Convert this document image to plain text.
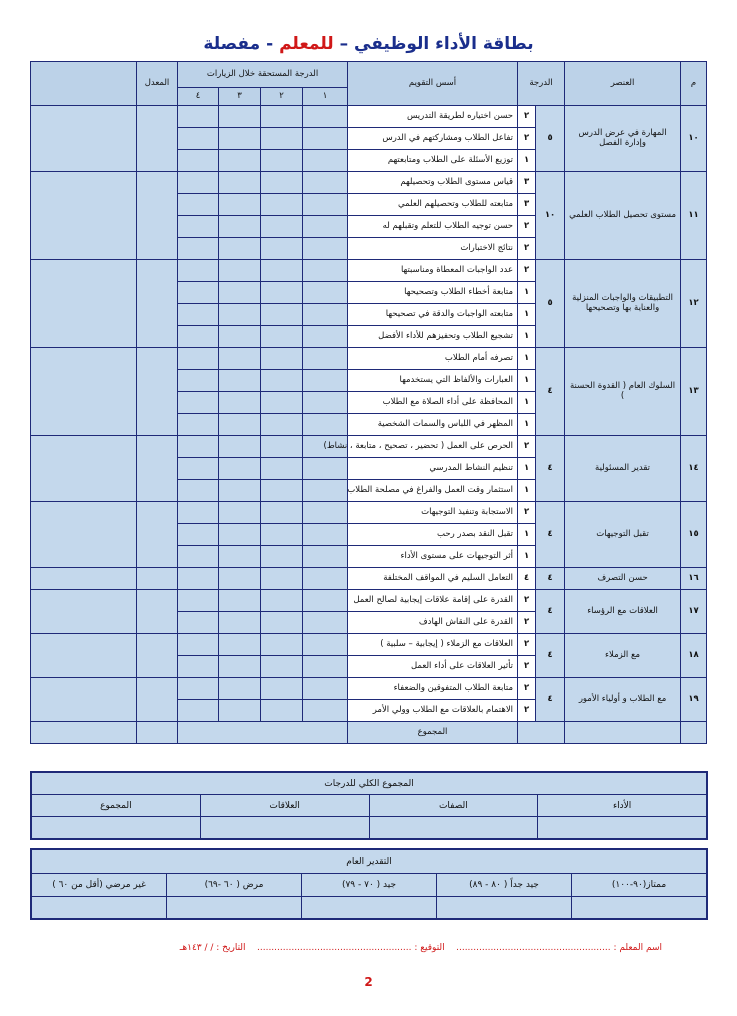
بطاقة الأداء الوظيفي – للمعلم - مفصلة
م	العنصر	الدرجة		أسس التقويم	الدرجة المستحقة خلال الزيارات				المعدل	
					١	٢	٣	٤		
١٠	المهارة في عرض الدرس وإدارة الفصل	٥	٢	حسن اختياره لطريقة التدريس						
			٢	تفاعل الطلاب ومشاركتهم في الدرس						
			١	توزيع الأسئلة على الطلاب ومتابعتهم						
١١	مستوى تحصيل الطلاب العلمي	١٠	٣	قياس مستوى الطلاب وتحصيلهم						
			٣	متابعته للطلاب وتحصيلهم العلمي						
			٢	حسن توجيه الطلاب للتعلم وتقبلهم له						
			٢	نتائج الاختبارات						
١٢	التطبيقات والواجبات المنزلية والعناية بها وتصحيحها	٥	٢	عدد الواجبات المعطاة ومناسبتها						
			١	متابعة أخطاء الطلاب وتصحيحها						
			١	متابعته الواجبات والدقة في تصحيحها						
			١	تشجيع الطلاب وتحفيزهم للأداء الأفضل						
١٣	السلوك العام ( القدوة الحسنة )	٤	١	تصرفه أمام الطلاب						
			١	العبارات والألفاظ التي يستخدمها						
			١	المحافظة على أداء الصلاة مع الطلاب						
			١	المظهر في اللباس والسمات الشخصية						
١٤	تقدير المسئولية	٤	٢	الحرص على العمل ( تحضير ، تصحيح ، متابعة ، نشاط)						
			١	تنظيم النشاط المدرسي						
			١	استثمار وقت العمل والفراغ في مصلحة الطلاب						
١٥	تقبل التوجيهات	٤	٢	الاستجابة وتنفيذ التوجيهات						
			١	تقبل النقد بصدر رحب						
			١	أثر التوجيهات على مستوى الأداء						
١٦	حسن التصرف	٤	٤	التعامل السليم في المواقف المختلفة						
١٧	العلاقات مع الرؤساء	٤	٢	القدرة على إقامة علاقات إيجابية لصالح العمل						
			٢	القدرة على النقاش الهادف						
١٨	مع الزملاء	٤	٢	العلاقات مع الزملاء ( إيجابية – سلبية )						
			٢	تأثير العلاقات على أداء العمل						
١٩	مع الطلاب و أولياء الأمور	٤	٢	متابعة الطلاب المتفوقين والضعفاء						
			٢	الاهتمام بالعلاقات مع الطلاب وولي الأمر						
				المجموع						
المجموع الكلي للدرجات			
الأداء	الصفات	العلاقات	المجموع

التقدير العام				
ممتاز(٩٠-١٠٠)	جيد جداً ( ٨٠ - ٨٩)	جيد ( ٧٠ - ٧٩)	مرض ( ٦٠ -٦٩)	غير مرضي (أقل من ٦٠ )

اسم المعلم : ......................................................    التوقيع : ......................................................    التاريخ : / / ١٤٣هـ
2
